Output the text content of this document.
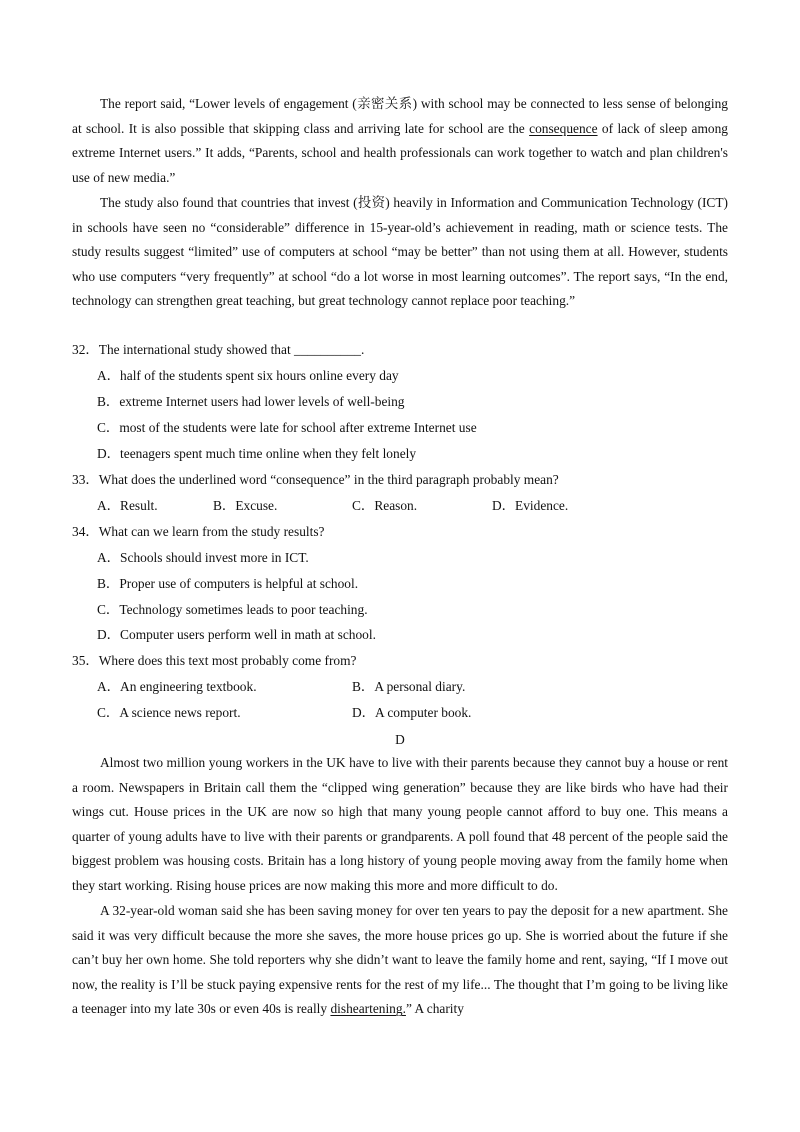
The report said, “Lower levels of engagement (亲密关系) with school may be connected to less sense of belonging at school. It is also possible that skipping class and arriving late for school are the consequence of lack of sleep among extreme Internet users.” It adds, “Parents, school and health professionals can work together to watch and plan children's use of new media.”

The study also found that countries that invest (投资) heavily in Information and Communication Technology (ICT) in schools have seen no “considerable” difference in 15-year-old’s achievement in reading, math or science tests. The study results suggest “limited” use of computers at school “may be better” than not using them at all. However, students who use computers “very frequently” at school “do a lot worse in most learning outcomes”. The report says, “In the end, technology can strengthen great teaching, but great technology cannot replace poor teaching.”

32．The international study showed that __________.
A．half of the students spent six hours online every day
B．extreme Internet users had lower levels of well-being
C．most of the students were late for school after extreme Internet use
D．teenagers spent much time online when they felt lonely
33．What does the underlined word “consequence” in the third paragraph probably mean?
A．Result.	B．Excuse.	C．Reason.	D．Evidence.
34．What can we learn from the study results?
A．Schools should invest more in ICT.
B．Proper use of computers is helpful at school.
C．Technology sometimes leads to poor teaching.
D．Computer users perform well in math at school.
35．Where does this text most probably come from?
A．An engineering textbook.	B．A personal diary.
C．A science news report.	D．A computer book.
D

Almost two million young workers in the UK have to live with their parents because they cannot buy a house or rent a room. Newspapers in Britain call them the “clipped wing generation” because they are like birds who have had their wings cut. House prices in the UK are now so high that many young people cannot afford to buy one. This means a quarter of young adults have to live with their parents or grandparents. A poll found that 48 percent of the people said the biggest problem was housing costs. Britain has a long history of young people moving away from the family home when they start working. Rising house prices are now making this more and more difficult to do.

A 32-year-old woman said she has been saving money for over ten years to pay the deposit for a new apartment. She said it was very difficult because the more she saves, the more house prices go up. She is worried about the future if she can’t buy her own home. She told reporters why she didn’t want to leave the family home and rent, saying, “If I move out now, the reality is I’ll be stuck paying expensive rents for the rest of my life... The thought that I’m going to be living like a teenager into my late 30s or even 40s is really disheartening.” A charity
